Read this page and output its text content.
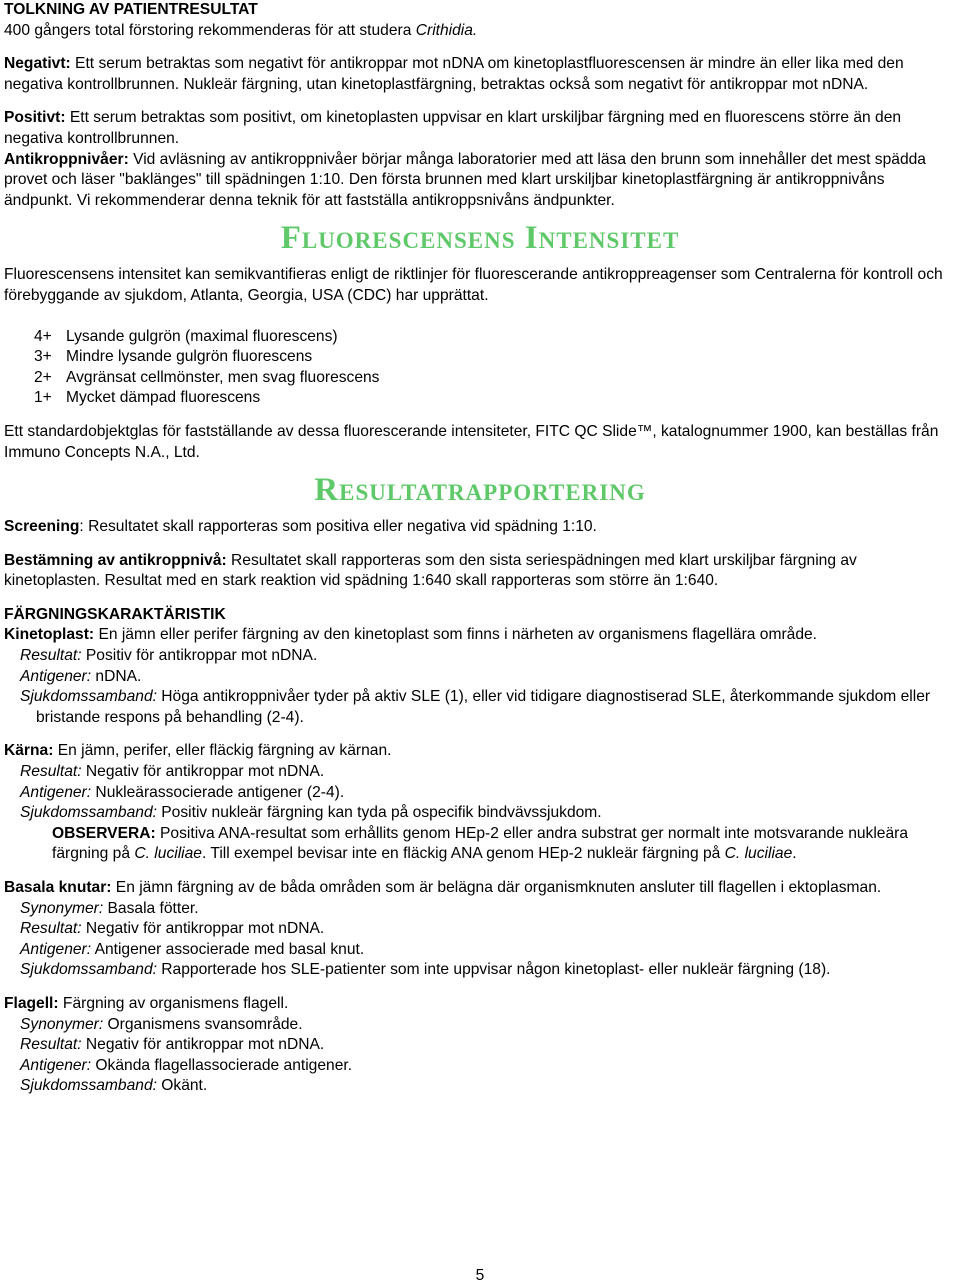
TOLKNING AV PATIENTRESULTAT

400 gångers total förstoring rekommenderas för att studera Crithidia.

Negativt: Ett serum betraktas som negativt för antikroppar mot nDNA om kinetoplastfluorescensen är mindre än eller lika med den negativa kontrollbrunnen. Nukleär färgning, utan kinetoplastfärgning, betraktas också som negativt för antikroppar mot nDNA.

Positivt: Ett serum betraktas som positivt, om kinetoplasten uppvisar en klart urskiljbar färgning med en fluorescens större än den negativa kontrollbrunnen.

Antikroppnivåer: Vid avläsning av antikroppnivåer börjar många laboratorier med att läsa den brunn som innehåller det mest spädda provet och läser "baklänges" till spädningen 1:10. Den första brunnen med klart urskiljbar kinetoplastfärgning är antikroppnivåns ändpunkt. Vi rekommenderar denna teknik för att fastställa antikroppsnivåns ändpunkter.

Fluorescensens Intensitet

Fluorescensens intensitet kan semikvantifieras enligt de riktlinjer för fluorescerande antikroppreagenser som Centralerna för kontroll och förebyggande av sjukdom, Atlanta, Georgia, USA (CDC) har upprättat.

4+ Lysande gulgrön (maximal fluorescens)
3+ Mindre lysande gulgrön fluorescens
2+ Avgränsat cellmönster, men svag fluorescens
1+ Mycket dämpad fluorescens

Ett standardobjektglas för fastställande av dessa fluorescerande intensiteter, FITC QC Slide™, katalognummer 1900, kan beställas från Immuno Concepts N.A., Ltd.

Resultatrapportering

Screening: Resultatet skall rapporteras som positiva eller negativa vid spädning 1:10.

Bestämning av antikroppnivå: Resultatet skall rapporteras som den sista seriespädningen med klart urskiljbar färgning av kinetoplasten. Resultat med en stark reaktion vid spädning 1:640 skall rapporteras som större än 1:640.

FÄRGNINGSKARAKTÄRISTIK

Kinetoplast: En jämn eller perifer färgning av den kinetoplast som finns i närheten av organismens flagellära område.

Resultat: Positiv för antikroppar mot nDNA.

Antigener: nDNA.

Sjukdomssamband: Höga antikroppnivåer tyder på aktiv SLE (1), eller vid tidigare diagnostiserad SLE, återkommande sjukdom eller bristande respons på behandling (2-4).

Kärna: En jämn, perifer, eller fläckig färgning av kärnan.

Resultat: Negativ för antikroppar mot nDNA.

Antigener: Nukleärassocierade antigener (2-4).

Sjukdomssamband: Positiv nukleär färgning kan tyda på ospecifik bindvävssjukdom.

OBSERVERA: Positiva ANA-resultat som erhållits genom HEp-2 eller andra substrat ger normalt inte motsvarande nukleära färgning på C. luciliae. Till exempel bevisar inte en fläckig ANA genom HEp-2 nukleär färgning på C. luciliae.

Basala knutar: En jämn färgning av de båda områden som är belägna där organismknuten ansluter till flagellen i ektoplasman.

Synonymer: Basala fötter.

Resultat: Negativ för antikroppar mot nDNA.

Antigener: Antigener associerade med basal knut.

Sjukdomssamband: Rapporterade hos SLE-patienter som inte uppvisar någon kinetoplast- eller nukleär färgning (18).

Flagell: Färgning av organismens flagell.

Synonymer: Organismens svansområde.

Resultat: Negativ för antikroppar mot nDNA.

Antigener: Okända flagellassocierade antigener.

Sjukdomssamband: Okänt.

5
